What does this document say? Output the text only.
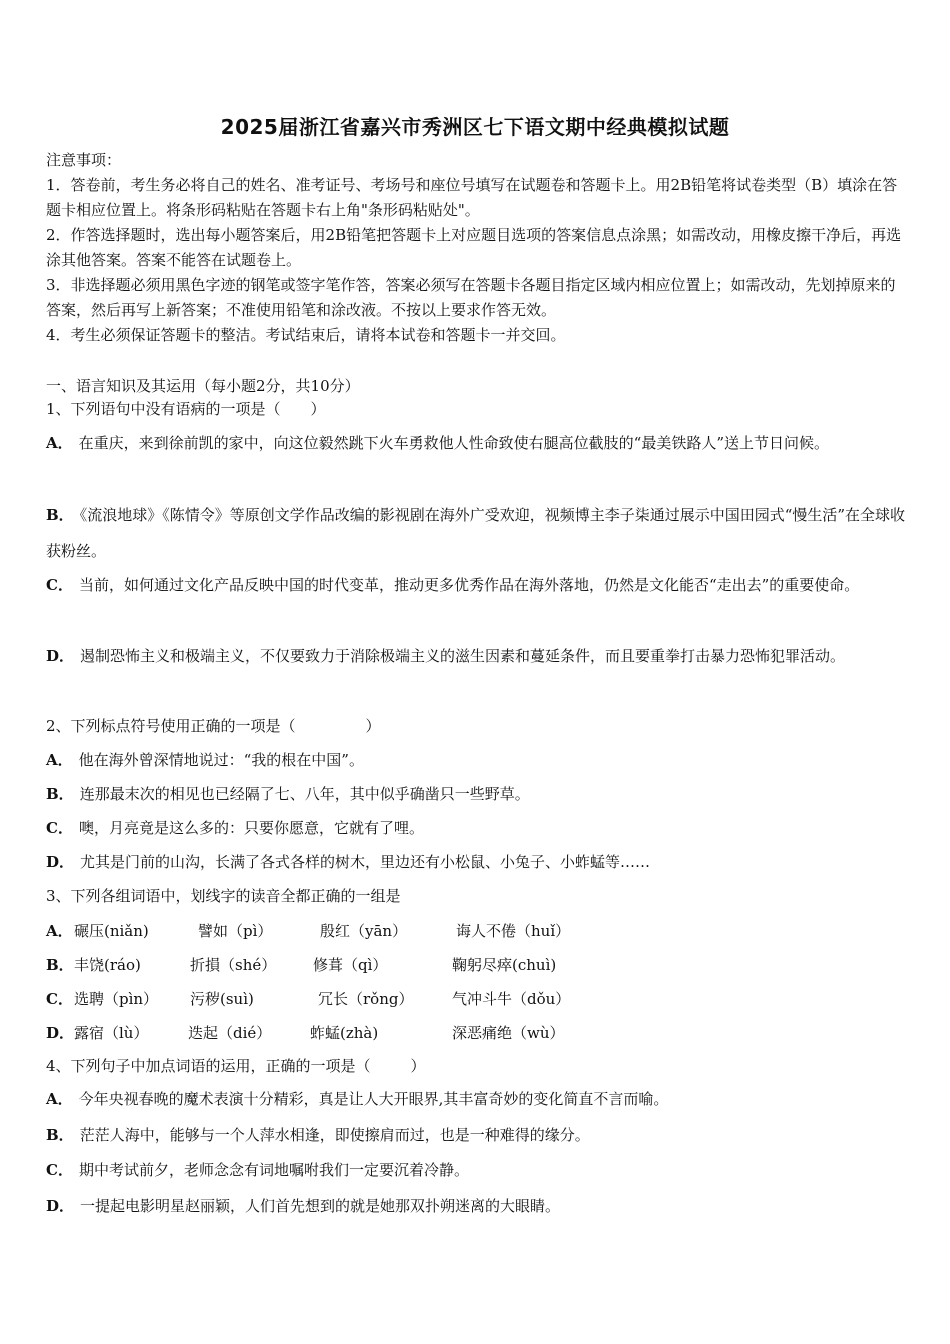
2025届浙江省嘉兴市秀洲区七下语文期中经典模拟试题
注意事项：
1．答卷前，考生务必将自己的姓名、准考证号、考场号和座位号填写在试题卷和答题卡上。用2B铅笔将试卷类型（B）填涂在答题卡相应位置上。将条形码粘贴在答题卡右上角"条形码粘贴处"。
2．作答选择题时，选出每小题答案后，用2B铅笔把答题卡上对应题目选项的答案信息点涂黑；如需改动，用橡皮擦干净后，再选涂其他答案。答案不能答在试题卷上。
3．非选择题必须用黑色字迹的钢笔或签字笔作答，答案必须写在答题卡各题目指定区域内相应位置上；如需改动，先划掉原来的答案，然后再写上新答案；不准使用铅笔和涂改液。不按以上要求作答无效。
4．考生必须保证答题卡的整洁。考试结束后，请将本试卷和答题卡一并交回。
一、语言知识及其运用（每小题2分，共10分）
1、下列语句中没有语病的一项是（　　）
A． 在重庆，来到徐前凯的家中，向这位毅然跳下火车勇救他人性命致使右腿高位截肢的“最美铁路人”送上节日问候。
B． 《流浪地球》《陈情令》等原创文学作品改编的影视剧在海外广受欢迎，视频博主李子柒通过展示中国田园式“慢生活”在全球收获粉丝。
C． 当前，如何通过文化产品反映中国的时代变革，推动更多优秀作品在海外落地，仍然是文化能否“走出去”的重要使命。
D． 遏制恐怖主义和极端主义，不仅要致力于消除极端主义的滋生因素和蔓延条件，而且要重拳打击暴力恐怖犯罪活动。
2、下列标点符号使用正确的一项是（	）
A． 他在海外曾深情地说过：“我的根在中国”。
B． 连那最末次的相见也已经隔了七、八年，其中似乎确凿只一些野草。
C． 噢，月亮竟是这么多的：只要你愿意，它就有了哩。
D． 尤其是门前的山沟，长满了各式各样的树木，里边还有小松鼠、小兔子、小蚱蜢等……
3、下列各组词语中，划线字的读音全都正确的一组是
A． 碾压(niǎn)	譬如（pì）	殷红（yān）	诲人不倦（huǐ）
B． 丰饶(ráo)	折損（shé） 修葺（qì）	鞠躬尽瘁(chuì)
C． 选聘（pìn） 污秽(suì)	冗长（rǒng）	气冲斗牛（dǒu）
D． 露宿（lù）	迭起（dié）	蚱蜢(zhà)	深恶痛绝（wù）
4、下列句子中加点词语的运用，正确的一项是（	）
A． 今年央视春晚的魔术表演十分精彩，真是让人大开眼界,其丰富奇妙的变化简直不言而喻。
B． 茫茫人海中，能够与一个人萍水相逢，即使擦肩而过，也是一种难得的缘分。
C． 期中考试前夕，老师念念有词地嘱咐我们一定要沉着冷静。
D． 一提起电影明星赵丽颖，人们首先想到的就是她那双扑朔迷离的大眼睛。
